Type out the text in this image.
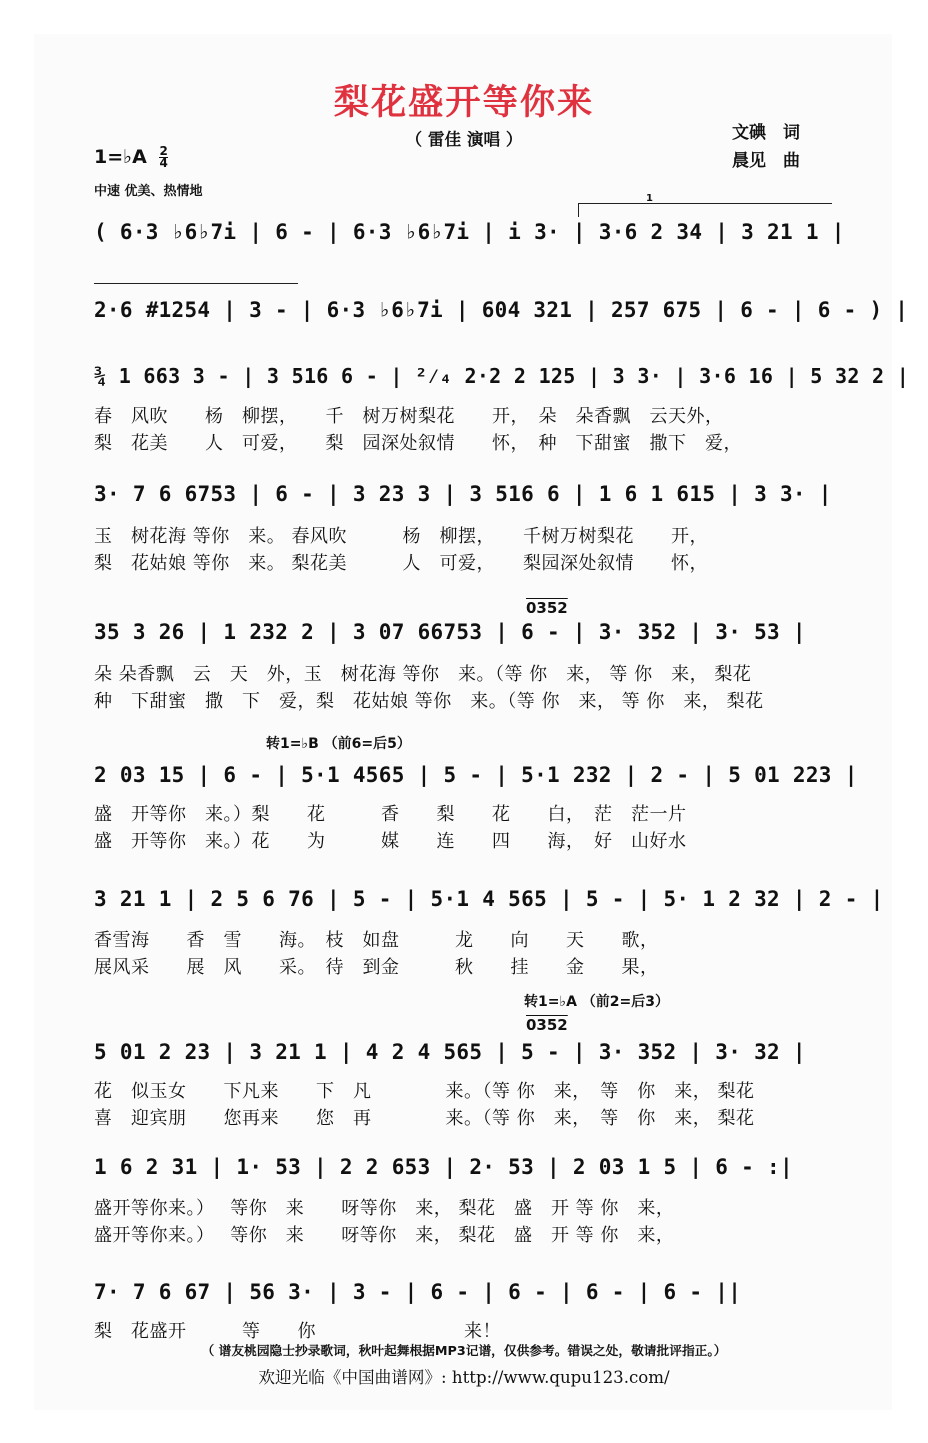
梨花盛开等你来
（ 雷佳 演唱 ）	文碘　词
晨见　曲
1=♭A $\frac{2}{4}$
中速 优美、热情地	1
( 6·3 ♭6♭7i | 6 - | 6·3 ♭6♭7i | i 3· | 3·6 2 34 | 3 21 1 |
2·6 #1254 | 3 - | 6·3 ♭6♭7i | 604 321 | 257 675 | 6 - | 6 - ) |
¾ 1 663 3 - | 3 516 6 - | ²⁄₄ 2·2 2 125 | 3 3· | 3·6 16 | 5 32 2 |
春　风吹　　杨　柳摆，　　千　树万树梨花　　开，　朵　朵香飘　云天外，
梨　花美　　人　可爱，　　梨　园深处叙情　　怀，　种　下甜蜜　撒下　爱，
3· 7 6 6753 | 6 - | 3 23 3 | 3 516 6 | 1 6 1 615 | 3 3· |
玉　树花海 等你　来。 春风吹　　　杨　柳摆，　　千树万树梨花　　开，
梨　花姑娘 等你　来。 梨花美　　　人　可爱，　　梨园深处叙情　　怀，
0352
35 3 26 | 1 232 2 | 3 07 66753 | 6 - | 3· 352 | 3· 53 |
朵 朵香飘　云　天　外，玉　树花海 等你　来。（等 你　来， 等 你　来， 梨花
种　下甜蜜　撒　下　爱，梨　花姑娘 等你　来。（等 你　来， 等 你　来， 梨花
转1=♭B （前6=后5）
2 03 15 | 6 - | 5·1 4565 | 5 - | 5·1 232 | 2 - | 5 01 223 |
盛　开等你　来。）梨　　花　　　香　　梨　　花　　白，　茫　茫一片
盛　开等你　来。）花　　为　　　媒　　连　　四　　海，　好　山好水
3 21 1 | 2 5 6 76 | 5 - | 5·1 4 565 | 5 - | 5· 1 2 32 | 2 - |
香雪海　　香　雪　　海。　枝　如盘　　　龙　　向　　天　　歌，
展风采　　展　风　　采。　待　到金　　　秋　　挂　　金　　果，
转1=♭A （前2=后3）
0352
5 01 2 23 | 3 21 1 | 4 2 4 565 | 5 - | 3· 352 | 3· 32 |
花　似玉女　　下凡来　　下　凡　　　　来。（等 你　来，　等　你　来， 梨花
喜　迎宾朋　　您再来　　您　再　　　　来。（等 你　来，　等　你　来， 梨花
1 6 2 31 | 1· 53 | 2 2 653 | 2· 53 | 2 03 1 5 | 6 - :|
盛开等你来。）　 等你　来　　呀等你　来， 梨花　盛　开 等 你　来，
盛开等你来。）　 等你　来　　呀等你　来， 梨花　盛　开 等 你　来，
7· 7 6 67 | 56 3· | 3 - | 6 - | 6 - | 6 - | 6 - ||
梨　花盛开　　　等　　你　　　　　　　　来！
（ 谱友桃园隐士抄录歌词，秋叶起舞根据MP3记谱，仅供参考。错误之处，敬请批评指正。）
欢迎光临《中国曲谱网》: http://www.qupu123.com/
